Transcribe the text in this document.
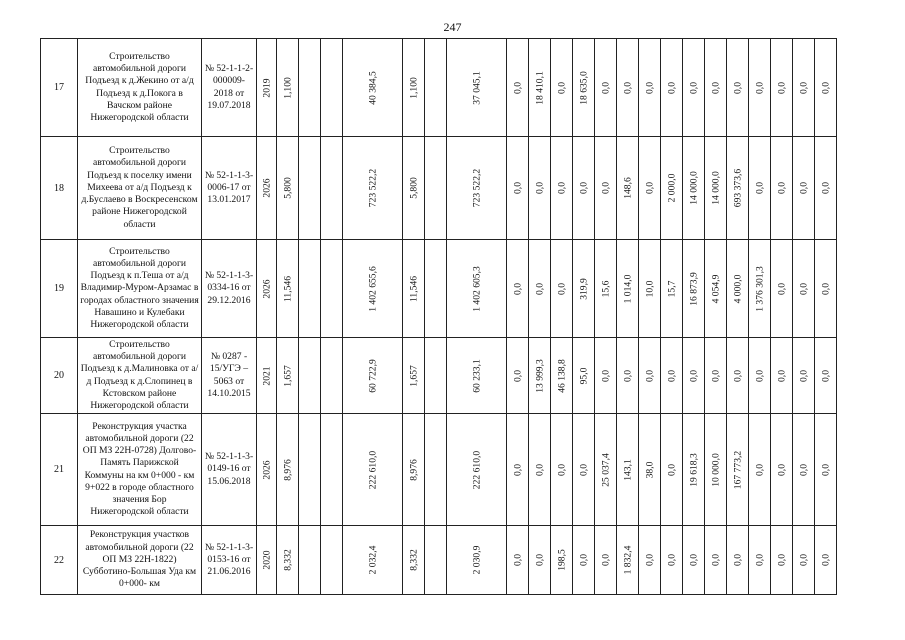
247
17	Строительство автомобильной дороги Подъезд к д.Жекино от а/д Подъезд к д.Покога в Вачском районе Нижегородской области	№ 52-1-1-2-000009-2018 от 19.07.2018	2019	1,100			40 384,5	1,100		37 045,1	0,0	18 410,1	0,0	18 635,0	0,0	0,0	0,0	0,0	0,0	0,0	0,0	0,0	0,0	0,0	0,0

18	Строительство автомобильной дороги Подъезд к поселку имени Михеева от а/д Подъезд к д.Буслаево в Воскресенском районе Нижегородской области	№ 52-1-1-3-0006-17 от 13.01.2017	2026	5,800			723 522,2	5,800		723 522,2	0,0	0,0	0,0	0,0	0,0	148,6	0,0	2 000,0	14 000,0	14 000,0	693 373,6	0,0	0,0	0,0	0,0

19	Строительство автомобильной дороги Подъезд к п.Теша от а/д Владимир-Муром-Арзамас в городах областного значения Навашино и Кулебаки Нижегородской области	№ 52-1-1-3-0334-16 от 29.12.2016	2026	11,546			1 402 655,6	11,546		1 402 605,3	0,0	0,0	0,0	319,9	15,6	1 014,0	10,0	15,7	16 873,9	4 054,9	4 000,0	1 376 301,3	0,0	0,0	0,0

20	Строительство автомобильной дороги Подъезд к д.Малиновка от а/д Подъезд к д.Слопинец в Кстовском районе Нижегородской области	№ 0287 - 15/УГЭ – 5063 от 14.10.2015	2021	1,657			60 722,9	1,657		60 233,1	0,0	13 999,3	46 138,8	95,0	0,0	0,0	0,0	0,0	0,0	0,0	0,0	0,0	0,0	0,0	0,0

21	Реконструкция участка автомобильной дороги (22 ОП МЗ 22Н-0728) Долгово-Память Парижской Коммуны на км 0+000 - км 9+022 в городе областного значения Бор Нижегородской области	№ 52-1-1-3-0149-16 от 15.06.2018	2026	8,976			222 610,0	8,976		222 610,0	0,0	0,0	0,0	0,0	25 037,4	143,1	38,0	0,0	19 618,3	10 000,0	167 773,2	0,0	0,0	0,0	0,0

22	Реконструкция участков автомобильной дороги (22 ОП МЗ 22Н-1822) Субботино-Большая Уда км 0+000- км	№ 52-1-1-3-0153-16 от 21.06.2016	2020	8,332			2 032,4	8,332		2 030,9	0,0	0,0	198,5	0,0	0,0	1 832,4	0,0	0,0	0,0	0,0	0,0	0,0	0,0	0,0	0,0
